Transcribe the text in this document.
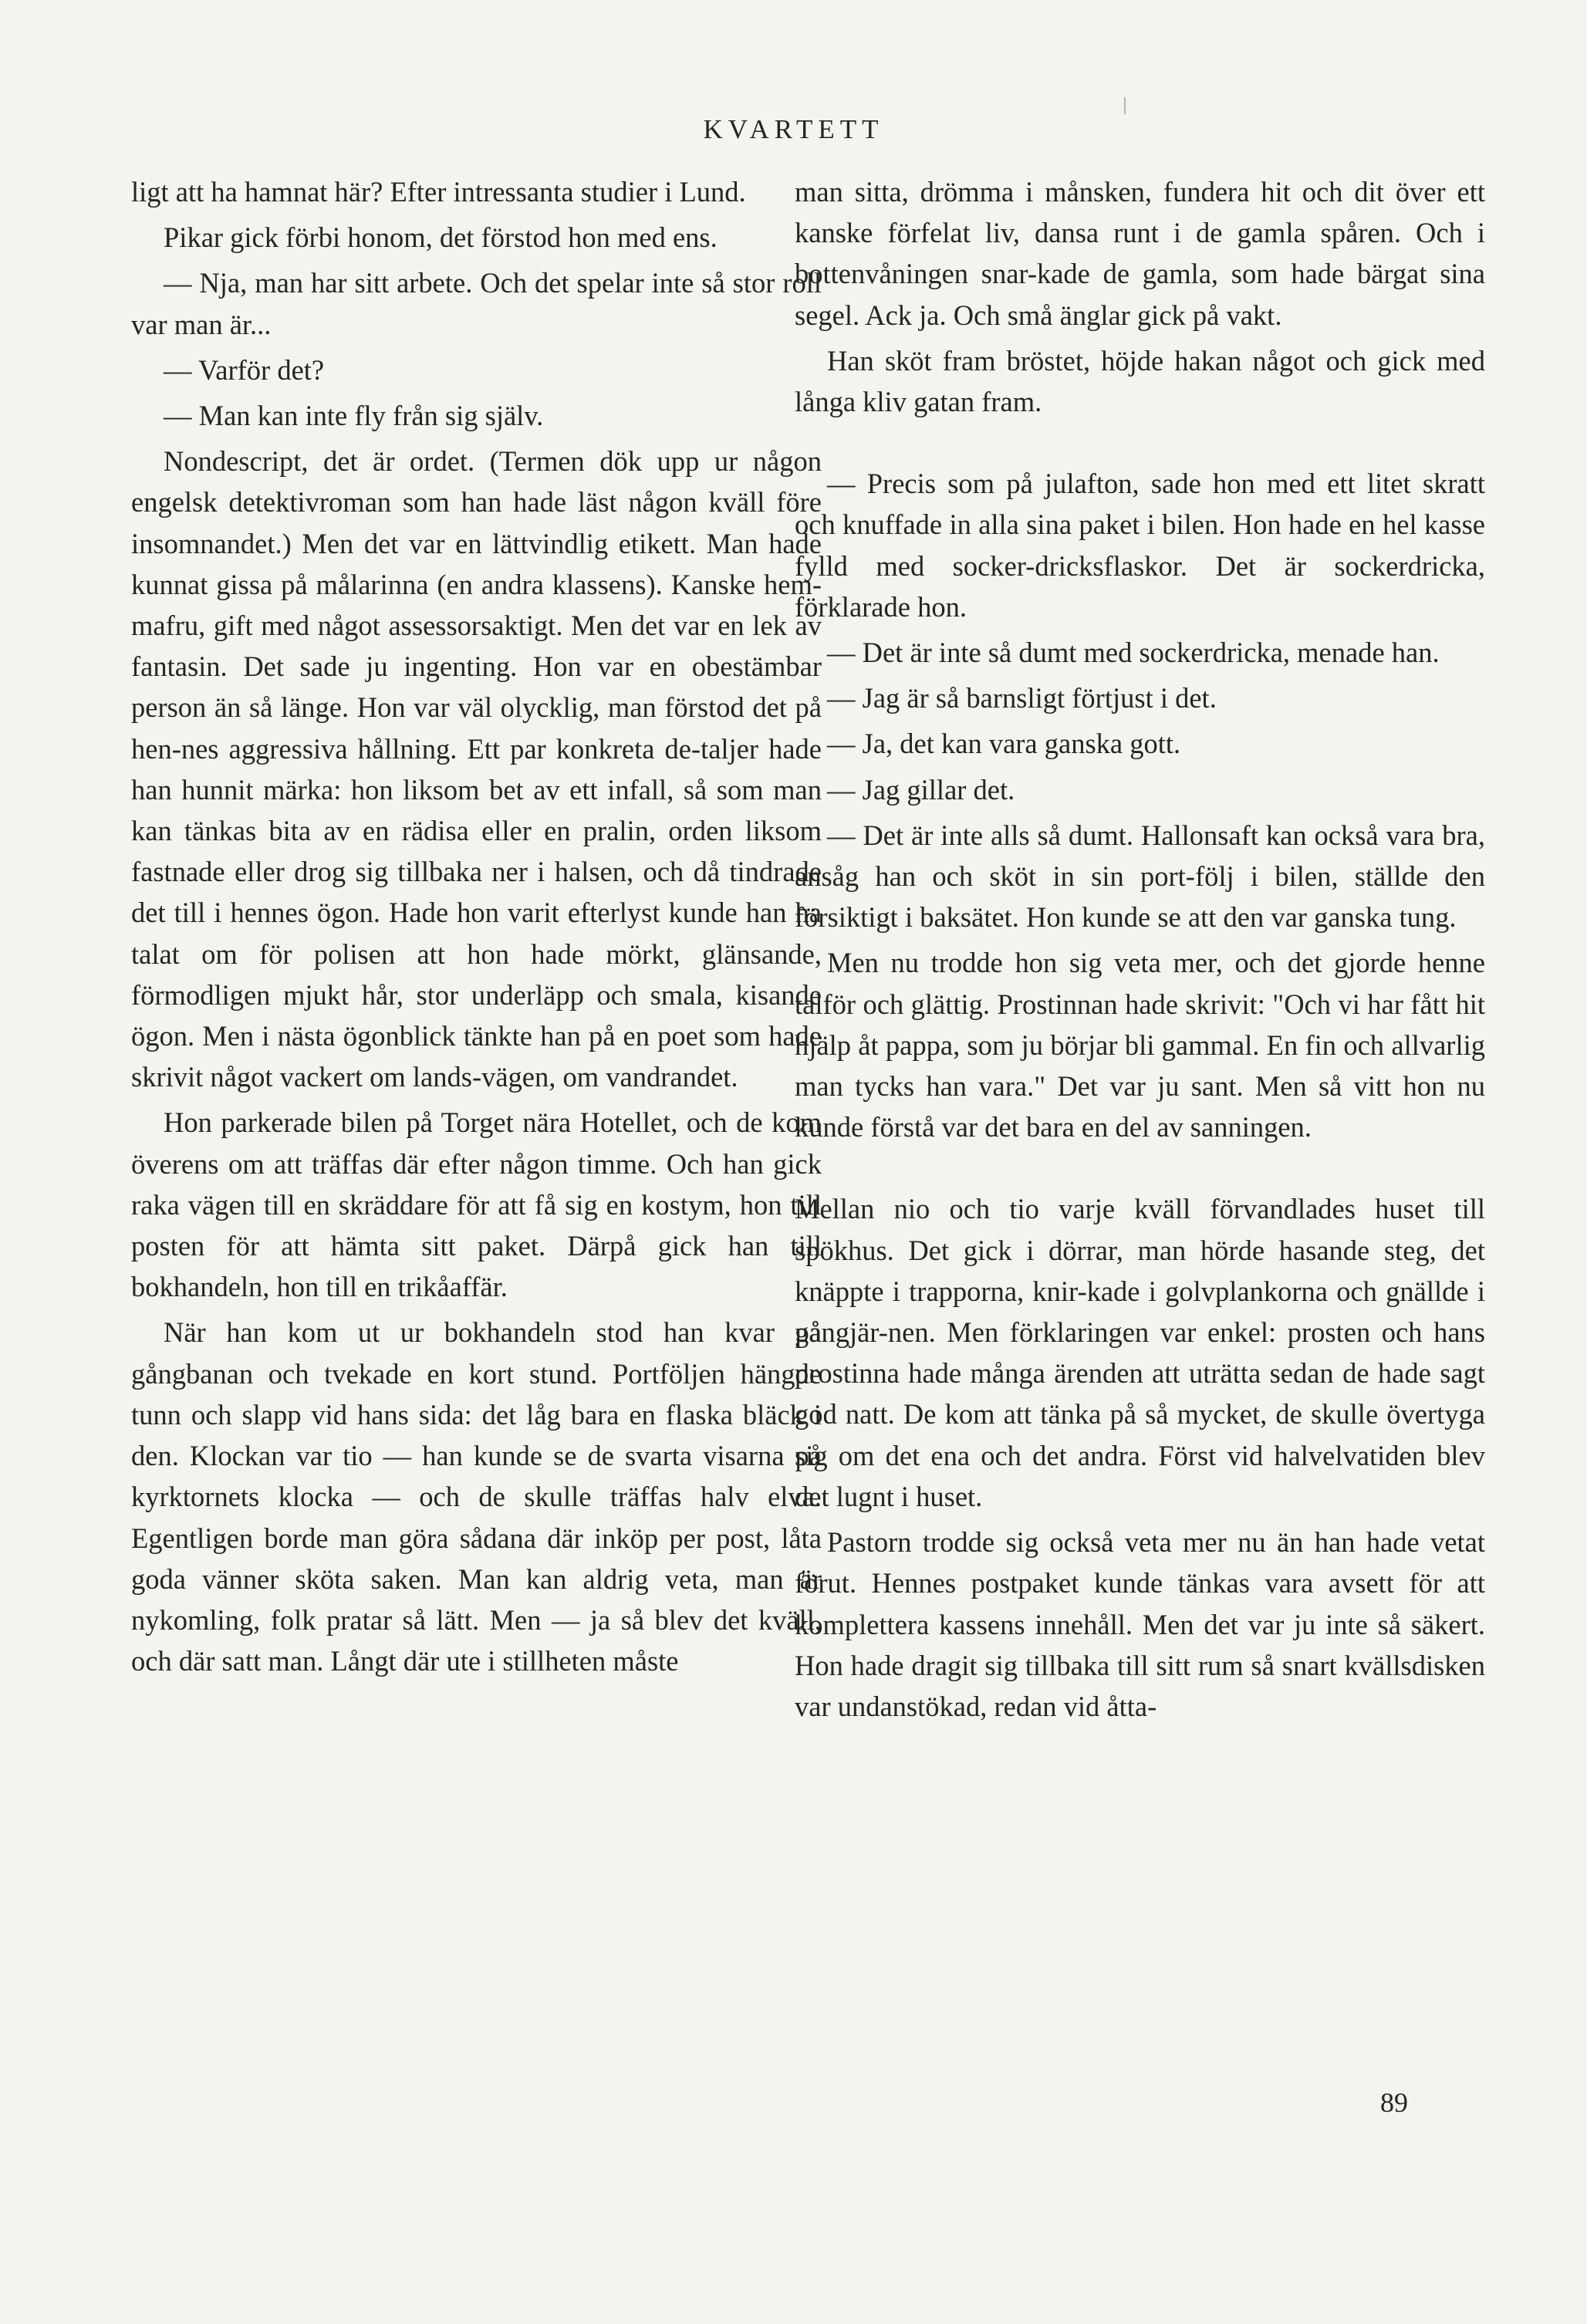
KVARTETT

ligt att ha hamnat här? Efter intressanta studier i Lund.

Pikar gick förbi honom, det förstod hon med ens.

— Nja, man har sitt arbete. Och det spelar inte så stor roll var man är...

— Varför det?

— Man kan inte fly från sig själv.

Nondescript, det är ordet. (Termen dök upp ur någon engelsk detektivroman som han hade läst någon kväll före insomnandet.) Men det var en lättvindlig etikett. Man hade kunnat gissa på målarinna (en andra klassens). Kanske hem-mafru, gift med något assessorsaktigt. Men det var en lek av fantasin. Det sade ju ingenting. Hon var en obestämbar person än så länge. Hon var väl olycklig, man förstod det på hen-nes aggressiva hållning. Ett par konkreta de-taljer hade han hunnit märka: hon liksom bet av ett infall, så som man kan tänkas bita av en rädisa eller en pralin, orden liksom fastnade eller drog sig tillbaka ner i halsen, och då tindrade det till i hennes ögon. Hade hon varit efterlyst kunde han ha talat om för polisen att hon hade mörkt, glänsande, förmodligen mjukt hår, stor underläpp och smala, kisande ögon. Men i nästa ögonblick tänkte han på en poet som hade skrivit något vackert om lands-vägen, om vandrandet.

Hon parkerade bilen på Torget nära Hotellet, och de kom överens om att träffas där efter någon timme. Och han gick raka vägen till en skräddare för att få sig en kostym, hon till posten för att hämta sitt paket. Därpå gick han till bokhandeln, hon till en trikåaffär.

När han kom ut ur bokhandeln stod han kvar på gångbanan och tvekade en kort stund. Portföljen hängde tunn och slapp vid hans sida: det låg bara en flaska bläck i den. Klockan var tio — han kunde se de svarta visarna på kyrktornets klocka — och de skulle träffas halv elva. Egentligen borde man göra sådana där inköp per post, låta goda vänner sköta saken. Man kan aldrig veta, man är nykomling, folk pratar så lätt. Men — ja så blev det kväll, och där satt man. Långt där ute i stillheten måste

man sitta, drömma i månsken, fundera hit och dit över ett kanske förfelat liv, dansa runt i de gamla spåren. Och i bottenvåningen snar-kade de gamla, som hade bärgat sina segel. Ack ja. Och små änglar gick på vakt.

Han sköt fram bröstet, höjde hakan något och gick med långa kliv gatan fram.

— Precis som på julafton, sade hon med ett litet skratt och knuffade in alla sina paket i bilen. Hon hade en hel kasse fylld med socker-dricksflaskor. Det är sockerdricka, förklarade hon.

— Det är inte så dumt med sockerdricka, menade han.

— Jag är så barnsligt förtjust i det.

— Ja, det kan vara ganska gott.

— Jag gillar det.

— Det är inte alls så dumt. Hallonsaft kan också vara bra, ansåg han och sköt in sin port-följ i bilen, ställde den försiktigt i baksätet. Hon kunde se att den var ganska tung.

Men nu trodde hon sig veta mer, och det gjorde henne talför och glättig. Prostinnan hade skrivit: "Och vi har fått hit hjälp åt pappa, som ju börjar bli gammal. En fin och allvarlig man tycks han vara." Det var ju sant. Men så vitt hon nu kunde förstå var det bara en del av sanningen.

Mellan nio och tio varje kväll förvandlades huset till spökhus. Det gick i dörrar, man hörde hasande steg, det knäppte i trapporna, knir-kade i golvplankorna och gnällde i gångjär-nen. Men förklaringen var enkel: prosten och hans prostinna hade många ärenden att uträtta sedan de hade sagt god natt. De kom att tänka på så mycket, de skulle övertyga sig om det ena och det andra. Först vid halvelvatiden blev det lugnt i huset.

Pastorn trodde sig också veta mer nu än han hade vetat förut. Hennes postpaket kunde tänkas vara avsett för att komplettera kassens innehåll. Men det var ju inte så säkert. Hon hade dragit sig tillbaka till sitt rum så snart kvällsdisken var undanstökad, redan vid åtta-

89
